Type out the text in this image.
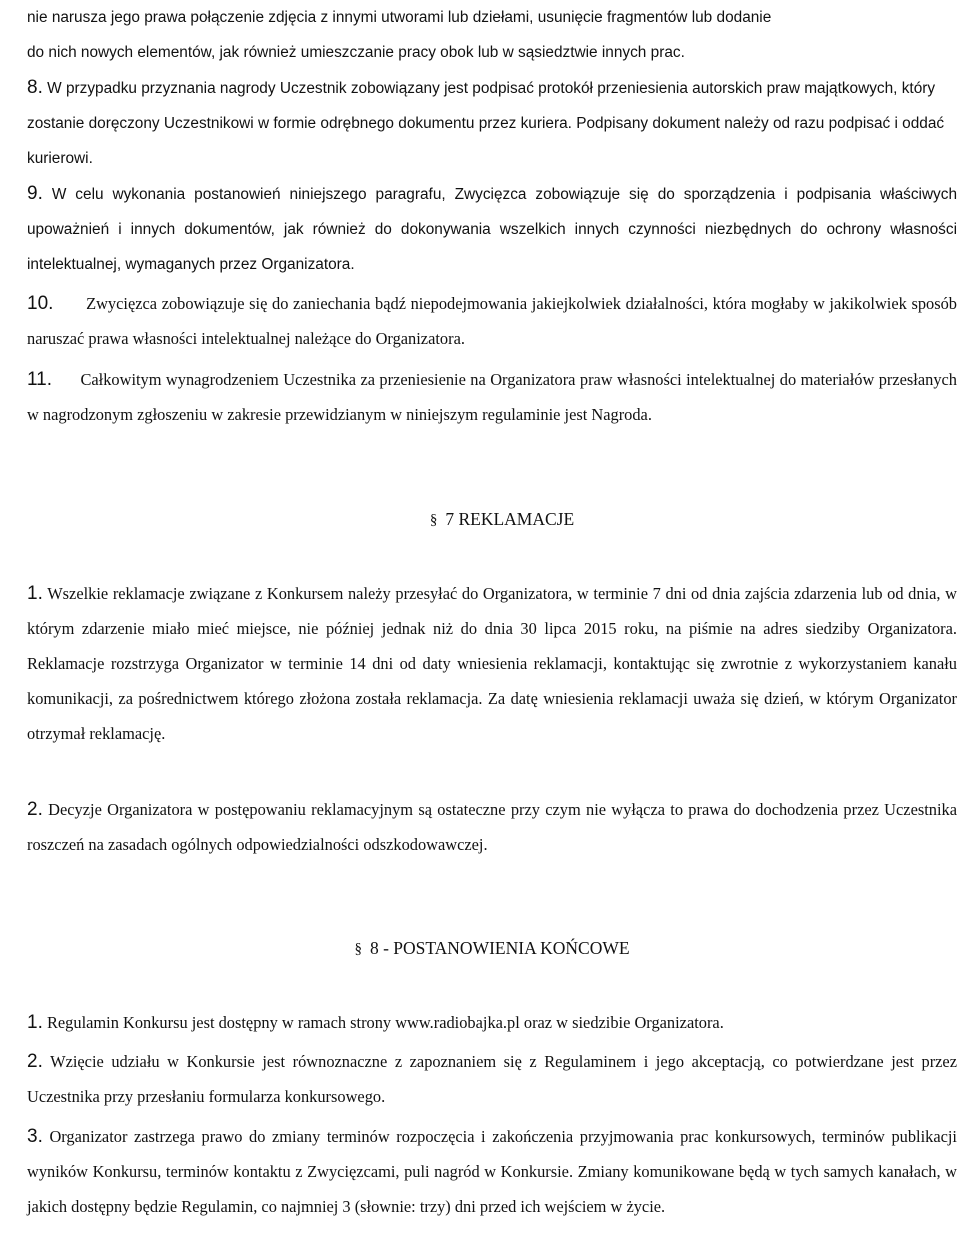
nie narusza jego prawa połączenie zdjęcia z innymi utworami lub dziełami, usunięcie fragmentów lub dodanie
do nich nowych elementów, jak również umieszczanie pracy obok lub w sąsiedztwie innych prac.

8. W przypadku przyznania nagrody Uczestnik zobowiązany jest podpisać protokół przeniesienia autorskich praw majątkowych, który zostanie doręczony Uczestnikowi w formie odrębnego dokumentu przez kuriera. Podpisany dokument należy od razu podpisać i oddać kurierowi.

9. W celu wykonania postanowień niniejszego paragrafu, Zwycięzca zobowiązuje się do sporządzenia i podpisania właściwych upoważnień i innych dokumentów, jak również do dokonywania wszelkich innych czynności niezbędnych do ochrony własności intelektualnej, wymaganych przez Organizatora.

10. Zwycięzca zobowiązuje się do zaniechania bądź niepodejmowania jakiejkolwiek działalności, która mogłaby w jakikolwiek sposób naruszać prawa własności intelektualnej należące do Organizatora.

11. Całkowitym wynagrodzeniem Uczestnika za przeniesienie na Organizatora praw własności intelektualnej do materiałów przesłanych w nagrodzonym zgłoszeniu w zakresie przewidzianym w niniejszym regulaminie jest Nagroda.

§ 7 REKLAMACJE

1. Wszelkie reklamacje związane z Konkursem należy przesyłać do Organizatora, w terminie 7 dni od dnia zajścia zdarzenia lub od dnia, w którym zdarzenie miało mieć miejsce, nie później jednak niż do dnia 30 lipca 2015 roku, na piśmie na adres siedziby Organizatora. Reklamacje rozstrzyga Organizator w terminie 14 dni od daty wniesienia reklamacji, kontaktując się zwrotnie z wykorzystaniem kanału komunikacji, za pośrednictwem którego złożona została reklamacja. Za datę wniesienia reklamacji uważa się dzień, w którym Organizator otrzymał reklamację.

2. Decyzje Organizatora w postępowaniu reklamacyjnym są ostateczne przy czym nie wyłącza to prawa do dochodzenia przez Uczestnika roszczeń na zasadach ogólnych odpowiedzialności odszkodowawczej.

§ 8 - POSTANOWIENIA KOŃCOWE

1. Regulamin Konkursu jest dostępny w ramach strony www.radiobajka.pl oraz w siedzibie Organizatora.

2. Wzięcie udziału w Konkursie jest równoznaczne z zapoznaniem się z Regulaminem i jego akceptacją, co potwierdzane jest przez Uczestnika przy przesłaniu formularza konkursowego.

3. Organizator zastrzega prawo do zmiany terminów rozpoczęcia i zakończenia przyjmowania prac konkursowych, terminów publikacji wyników Konkursu, terminów kontaktu z Zwycięzcami, puli nagród w Konkursie. Zmiany komunikowane będą w tych samych kanałach, w jakich dostępny będzie Regulamin, co najmniej 3 (słownie: trzy) dni przed ich wejściem w życie.
